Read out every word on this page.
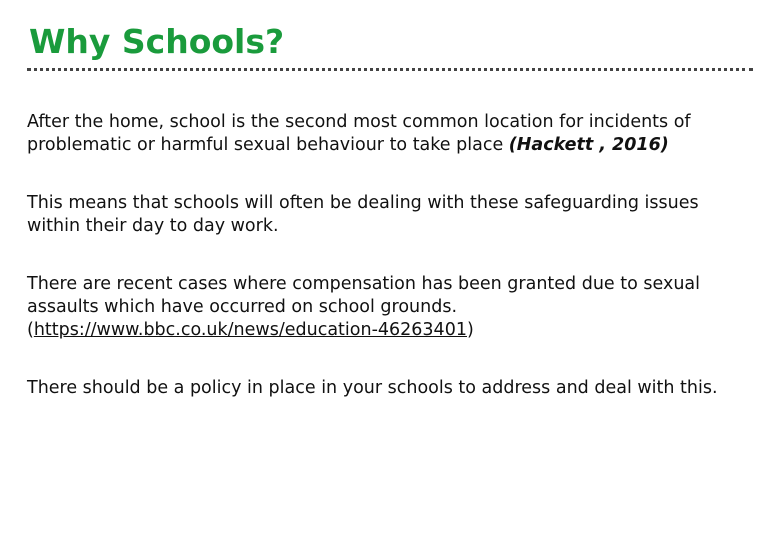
Why Schools?

After the home, school is the second most common location for incidents of problematic or harmful sexual behaviour to take place (Hackett , 2016)

This means that schools will often be dealing with these safeguarding issues within their day to day work.

There are recent cases where compensation has been granted due to sexual assaults which have occurred on school grounds.
(https://www.bbc.co.uk/news/education-46263401)

There should be a policy in place in your schools to address and deal with this.
